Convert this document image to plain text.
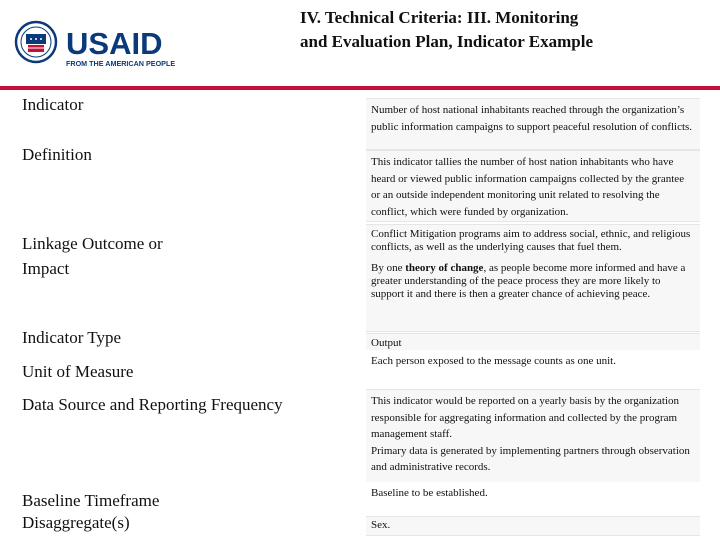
USAID
FROM THE AMERICAN PEOPLE
IV. Technical Criteria: III. Monitoring
and Evaluation Plan, Indicator Example
Indicator
Definition
Linkage Outcome or
Impact
Indicator Type
Unit of Measure
Data Source and Reporting Frequency
Baseline Timeframe
Disaggregate(s)

Number of host national inhabitants reached through the organization’s public information campaigns to support peaceful resolution of conflicts.

This indicator tallies the number of host nation inhabitants who have heard or viewed public information campaigns collected by the grantee or an outside independent monitoring unit related to resolving the conflict, which were funded by organization.

Conflict Mitigation programs aim to address social, ethnic, and religious conflicts, as well as the underlying causes that fuel them.

By one theory of change, as people become more informed and have a greater understanding of the peace process they are more likely to support it and there is then a greater chance of achieving peace.

Output

Each person exposed to the message counts as one unit.

This indicator would be reported on a yearly basis by the organization responsible for aggregating information and collected by the program management staff.

Primary data is generated by implementing partners through observation and administrative records.

Baseline to be established.

Sex.
